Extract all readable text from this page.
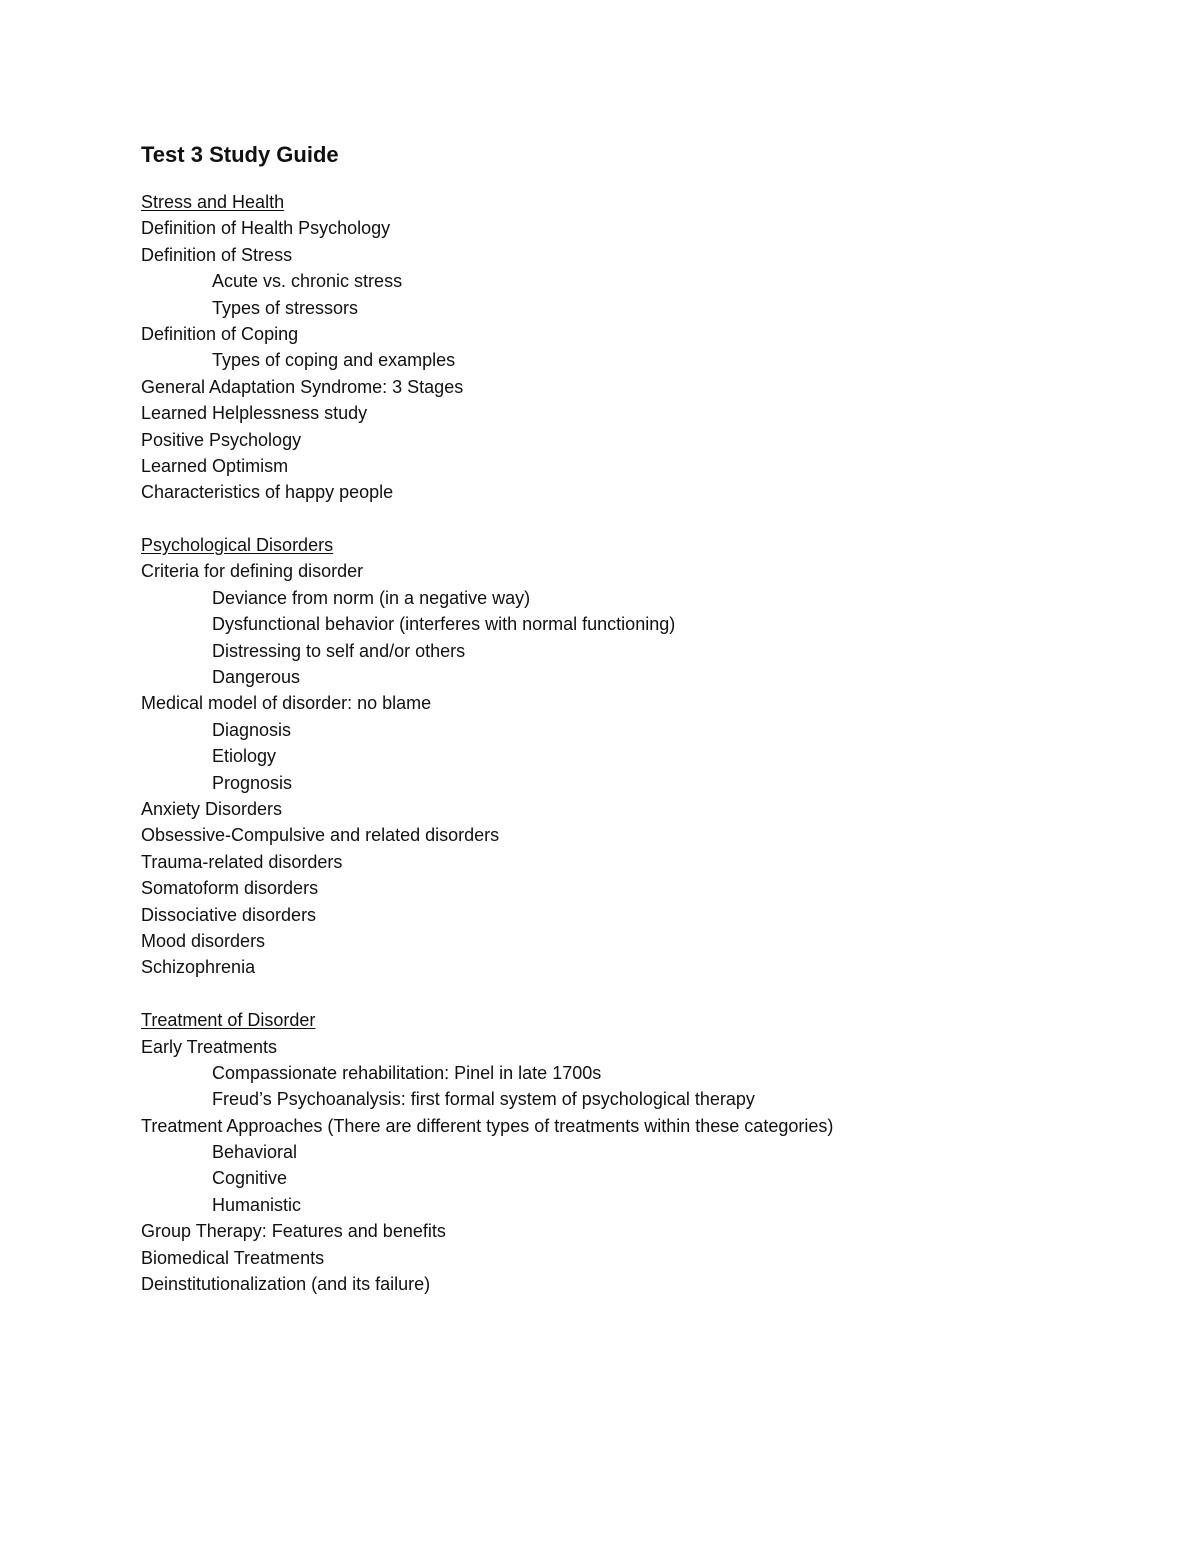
Test 3 Study Guide
Stress and Health
Definition of Health Psychology
Definition of Stress
Acute vs. chronic stress
Types of stressors
Definition of Coping
Types of coping and examples
General Adaptation Syndrome: 3 Stages
Learned Helplessness study
Positive Psychology
Learned Optimism
Characteristics of happy people
Psychological Disorders
Criteria for defining disorder
Deviance from norm (in a negative way)
Dysfunctional behavior (interferes with normal functioning)
Distressing to self and/or others
Dangerous
Medical model of disorder: no blame
Diagnosis
Etiology
Prognosis
Anxiety Disorders
Obsessive-Compulsive and related disorders
Trauma-related disorders
Somatoform disorders
Dissociative disorders
Mood disorders
Schizophrenia
Treatment of Disorder
Early Treatments
Compassionate rehabilitation: Pinel in late 1700s
Freud’s Psychoanalysis: first formal system of psychological therapy
Treatment Approaches (There are different types of treatments within these categories)
Behavioral
Cognitive
Humanistic
Group Therapy: Features and benefits
Biomedical Treatments
Deinstitutionalization (and its failure)
